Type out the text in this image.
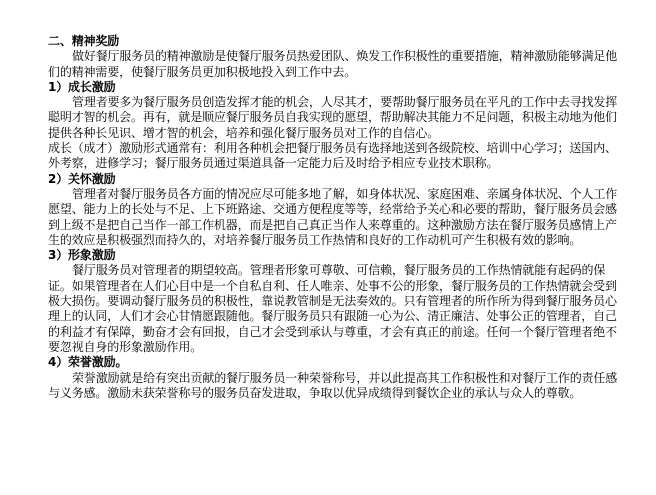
二、精神奖励

做好餐厅服务员的精神激励是使餐厅服务员热爱团队、焕发工作积极性的重要措施，精神激励能够满足他们的精神需要，使餐厅服务员更加积极地投入到工作中去。

1）成长激励

管理者要多为餐厅服务员创造发挥才能的机会，人尽其才，要帮助餐厅服务员在平凡的工作中去寻找发挥聪明才智的机会。再有，就是顺应餐厅服务员自我实现的愿望，帮助解决其能力不足问题，积极主动地为他们提供各种长见识、增才智的机会，培养和强化餐厅服务员对工作的自信心。

成长（成才）激励形式通常有：利用各种机会把餐厅服务员有选择地送到各级院校、培训中心学习；送国内、外考察，进修学习；餐厅服务员通过渠道具备一定能力后及时给予相应专业技术职称。

2）关怀激励

管理者对餐厅服务员各方面的情况应尽可能多地了解，如身体状况、家庭困难、亲属身体状况、个人工作愿望、能力上的长处与不足、上下班路途、交通方便程度等等，经常给予关心和必要的帮助，餐厅服务员会感到上级不是把自己当作一部工作机器，而是把自己真正当作人来尊重的。这种激励方法在餐厅服务员感情上产生的效应是积极强烈而持久的，对培养餐厅服务员工作热情和良好的工作动机可产生积极有效的影响。

3）形象激励

餐厅服务员对管理者的期望较高。管理者形象可尊敬、可信赖，餐厅服务员的工作热情就能有起码的保证。如果管理者在人们心目中是一个自私自利、任人唯亲、处事不公的形象，餐厅服务员的工作热情就会受到极大损伤。要调动餐厅服务员的积极性，靠说教管制是无法奏效的。只有管理者的所作所为得到餐厅服务员心理上的认同，人们才会心甘情愿跟随他。餐厅服务员只有跟随一心为公、清正廉洁、处事公正的管理者，自己的利益才有保障，勤奋才会有回报，自己才会受到承认与尊重，才会有真正的前途。任何一个餐厅管理者绝不要忽视自身的形象激励作用。

4）荣誉激励。

荣誉激励就是给有突出贡献的餐厅服务员一种荣誉称号，并以此提高其工作积极性和对餐厅工作的责任感与义务感。激励未获荣誉称号的服务员奋发进取，争取以优异成绩得到餐饮企业的承认与众人的尊敬。
